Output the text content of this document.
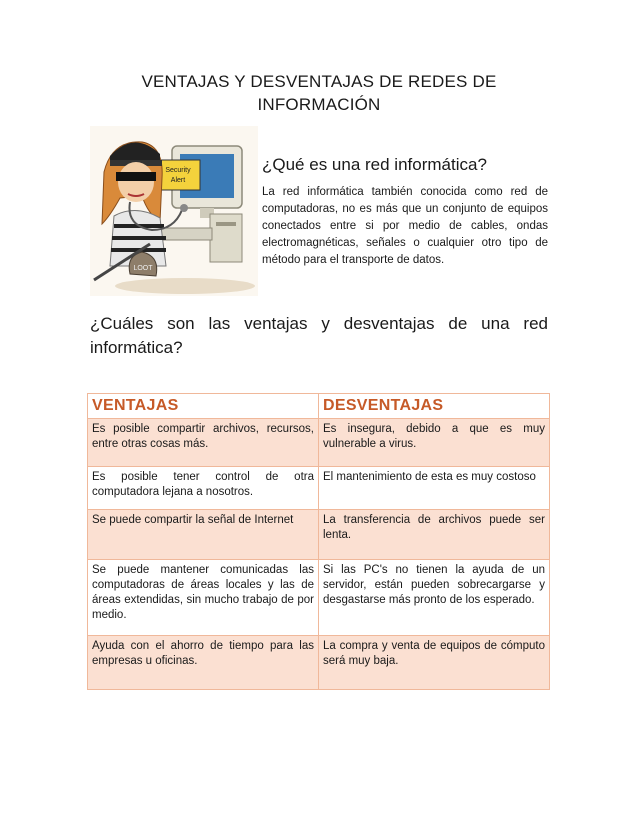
VENTAJAS Y DESVENTAJAS DE REDES DE INFORMACIÓN
Security
Alert
LOOT
¿Qué es una red informática?
La red informática también conocida como red de computadoras, no es más que un conjunto de equipos conectados entre si por medio de cables, ondas electromagnéticas, señales o cualquier otro tipo de método para el transporte de datos.
¿Cuáles son las ventajas y desventajas de una red informática?
VENTAJAS	DESVENTAJAS
Es posible compartir archivos, recursos, entre otras cosas más.	Es insegura, debido a que es muy vulnerable a virus.
Es posible tener control de otra computadora lejana a nosotros.	El mantenimiento de esta es muy costoso
Se puede compartir la señal de Internet	La transferencia de archivos puede ser lenta.
Se puede mantener comunicadas las computadoras de áreas locales y las de áreas extendidas, sin mucho trabajo de por medio.	Si las PC's no tienen la ayuda de un servidor, están pueden sobrecargarse y desgastarse más pronto de los esperado.
Ayuda con el ahorro de tiempo para las empresas u oficinas.	La compra y venta de equipos de cómputo será muy baja.
